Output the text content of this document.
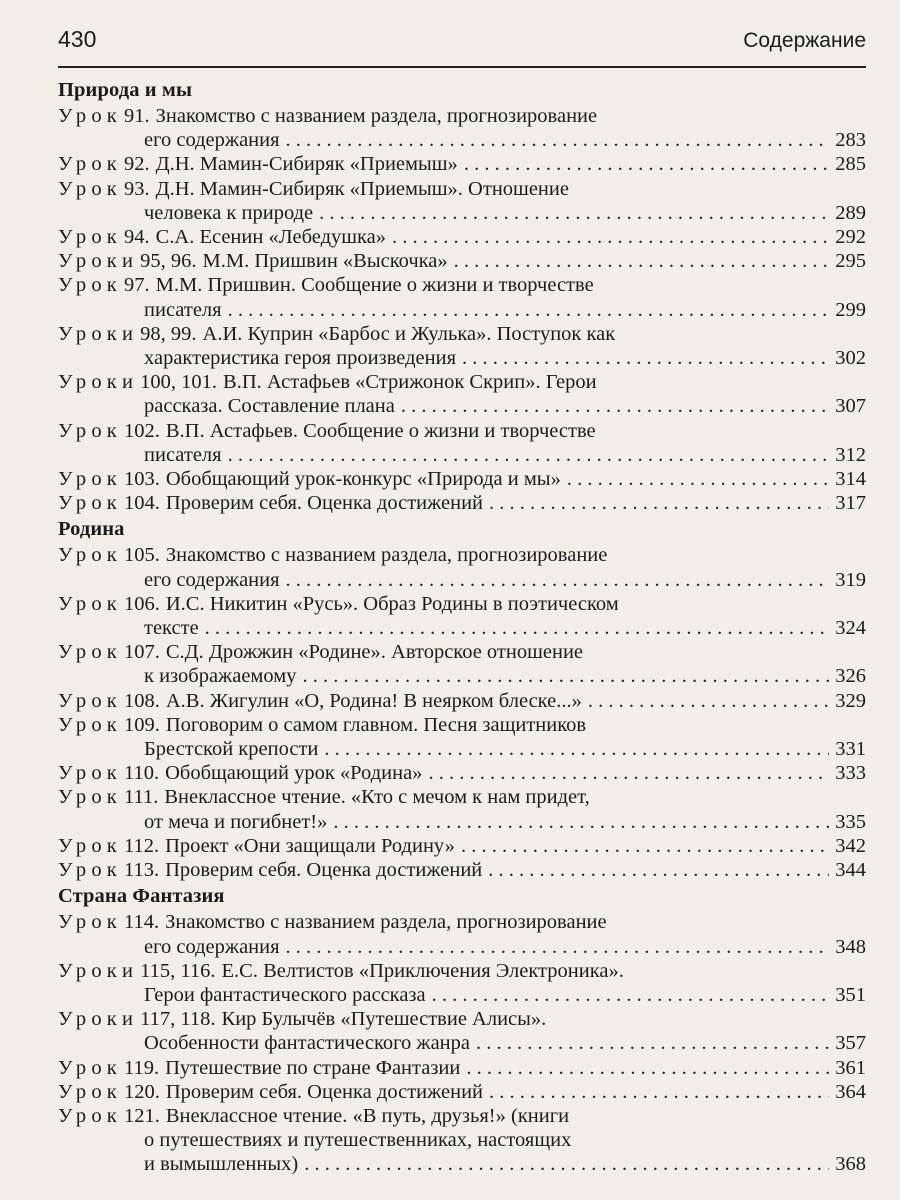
430	Содержание
Природа и мы
Урок 91. Знакомство с названием раздела, прогнозирование
его содержания . . .	283
Урок 92. Д.Н. Мамин-Сибиряк «Приемыш» . . .	285
Урок 93. Д.Н. Мамин-Сибиряк «Приемыш». Отношение
человека к природе . . .	289
Урок 94. С.А. Есенин «Лебедушка» . . .	292
Уроки 95, 96. М.М. Пришвин «Выскочка» . . .	295
Урок 97. М.М. Пришвин. Сообщение о жизни и творчестве
писателя . . .	299
Уроки 98, 99. А.И. Куприн «Барбос и Жулька». Поступок как
характеристика героя произведения . . .	302
Уроки 100, 101. В.П. Астафьев «Стрижонок Скрип». Герои
рассказа. Составление плана . . .	307
Урок 102. В.П. Астафьев. Сообщение о жизни и творчестве
писателя . . .	312
Урок 103. Обобщающий урок-конкурс «Природа и мы» . . .	314
Урок 104. Проверим себя. Оценка достижений . . .	317
Родина
Урок 105. Знакомство с названием раздела, прогнозирование
его содержания . . .	319
Урок 106. И.С. Никитин «Русь». Образ Родины в поэтическом
тексте . . .	324
Урок 107. С.Д. Дрожжин «Родине». Авторское отношение
к изображаемому . . .	326
Урок 108. А.В. Жигулин «О, Родина! В неярком блеске...» . . .	329
Урок 109. Поговорим о самом главном. Песня защитников
Брестской крепости . . .	331
Урок 110. Обобщающий урок «Родина» . . .	333
Урок 111. Внеклассное чтение. «Кто с мечом к нам придет,
от меча и погибнет!» . . .	335
Урок 112. Проект «Они защищали Родину» . . .	342
Урок 113. Проверим себя. Оценка достижений . . .	344
Страна Фантазия
Урок 114. Знакомство с названием раздела, прогнозирование
его содержания . . .	348
Уроки 115, 116. Е.С. Велтистов «Приключения Электроника».
Герои фантастического рассказа . . .	351
Уроки 117, 118. Кир Булычёв «Путешествие Алисы».
Особенности фантастического жанра . . .	357
Урок 119. Путешествие по стране Фантазии . . .	361
Урок 120. Проверим себя. Оценка достижений . . .	364
Урок 121. Внеклассное чтение. «В путь, друзья!» (книги
о путешествиях и путешественниках, настоящих
и вымышленных) . . .	368
